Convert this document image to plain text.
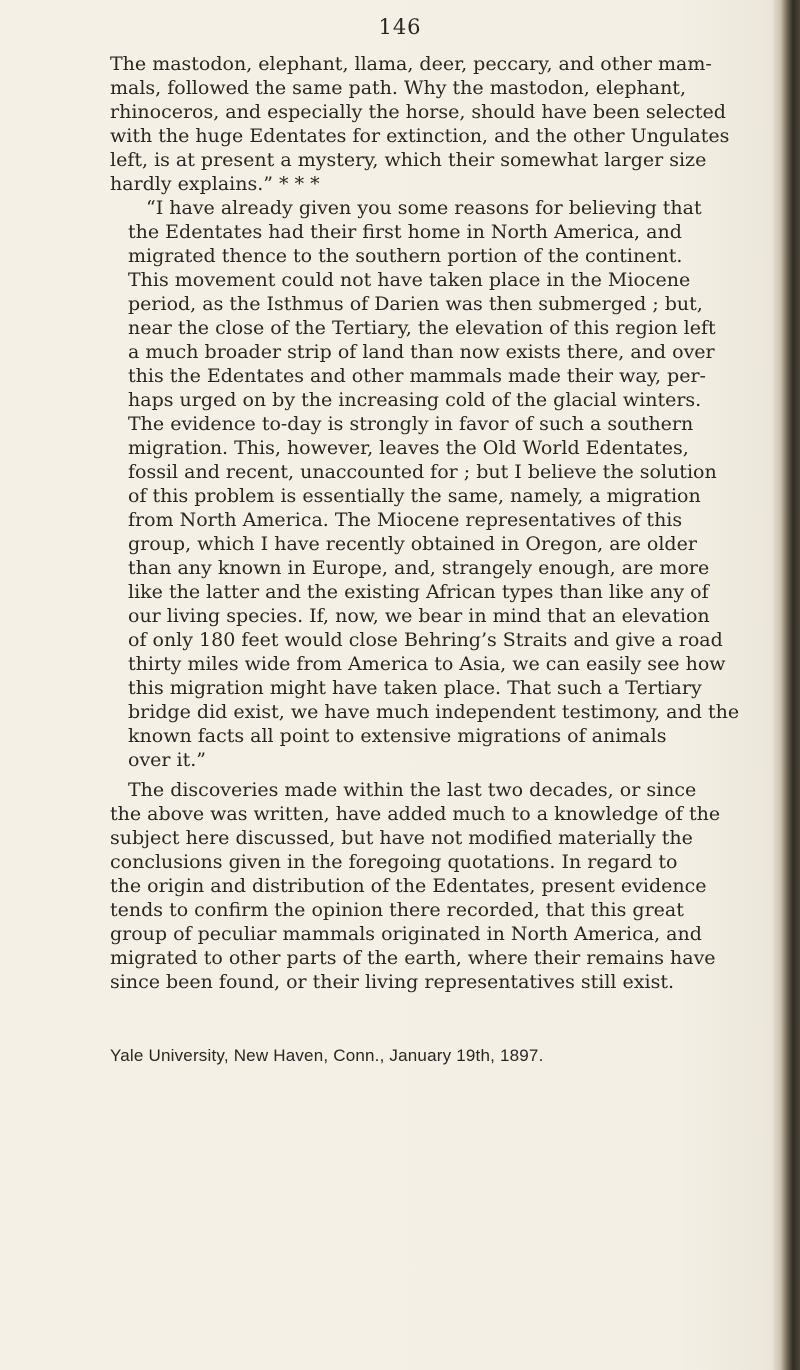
146
The mastodon, elephant, llama, deer, peccary, and other mam-
mals, followed the same path. Why the mastodon, elephant,
rhinoceros, and especially the horse, should have been selected
with the huge Edentates for extinction, and the other Ungulates
left, is at present a mystery, which their somewhat larger size
hardly explains.” * * *
“I have already given you some reasons for believing that
the Edentates had their first home in North America, and
migrated thence to the southern portion of the continent.
This movement could not have taken place in the Miocene
period, as the Isthmus of Darien was then submerged ; but,
near the close of the Tertiary, the elevation of this region left
a much broader strip of land than now exists there, and over
this the Edentates and other mammals made their way, per-
haps urged on by the increasing cold of the glacial winters.
The evidence to-day is strongly in favor of such a southern
migration. This, however, leaves the Old World Edentates,
fossil and recent, unaccounted for ; but I believe the solution
of this problem is essentially the same, namely, a migration
from North America. The Miocene representatives of this
group, which I have recently obtained in Oregon, are older
than any known in Europe, and, strangely enough, are more
like the latter and the existing African types than like any of
our living species. If, now, we bear in mind that an elevation
of only 180 feet would close Behring’s Straits and give a road
thirty miles wide from America to Asia, we can easily see how
this migration might have taken place. That such a Tertiary
bridge did exist, we have much independent testimony, and the
known facts all point to extensive migrations of animals
over it.”
The discoveries made within the last two decades, or since
the above was written, have added much to a knowledge of the
subject here discussed, but have not modified materially the
conclusions given in the foregoing quotations. In regard to
the origin and distribution of the Edentates, present evidence
tends to confirm the opinion there recorded, that this great
group of peculiar mammals originated in North America, and
migrated to other parts of the earth, where their remains have
since been found, or their living representatives still exist.
Yale University, New Haven, Conn., January 19th, 1897.
